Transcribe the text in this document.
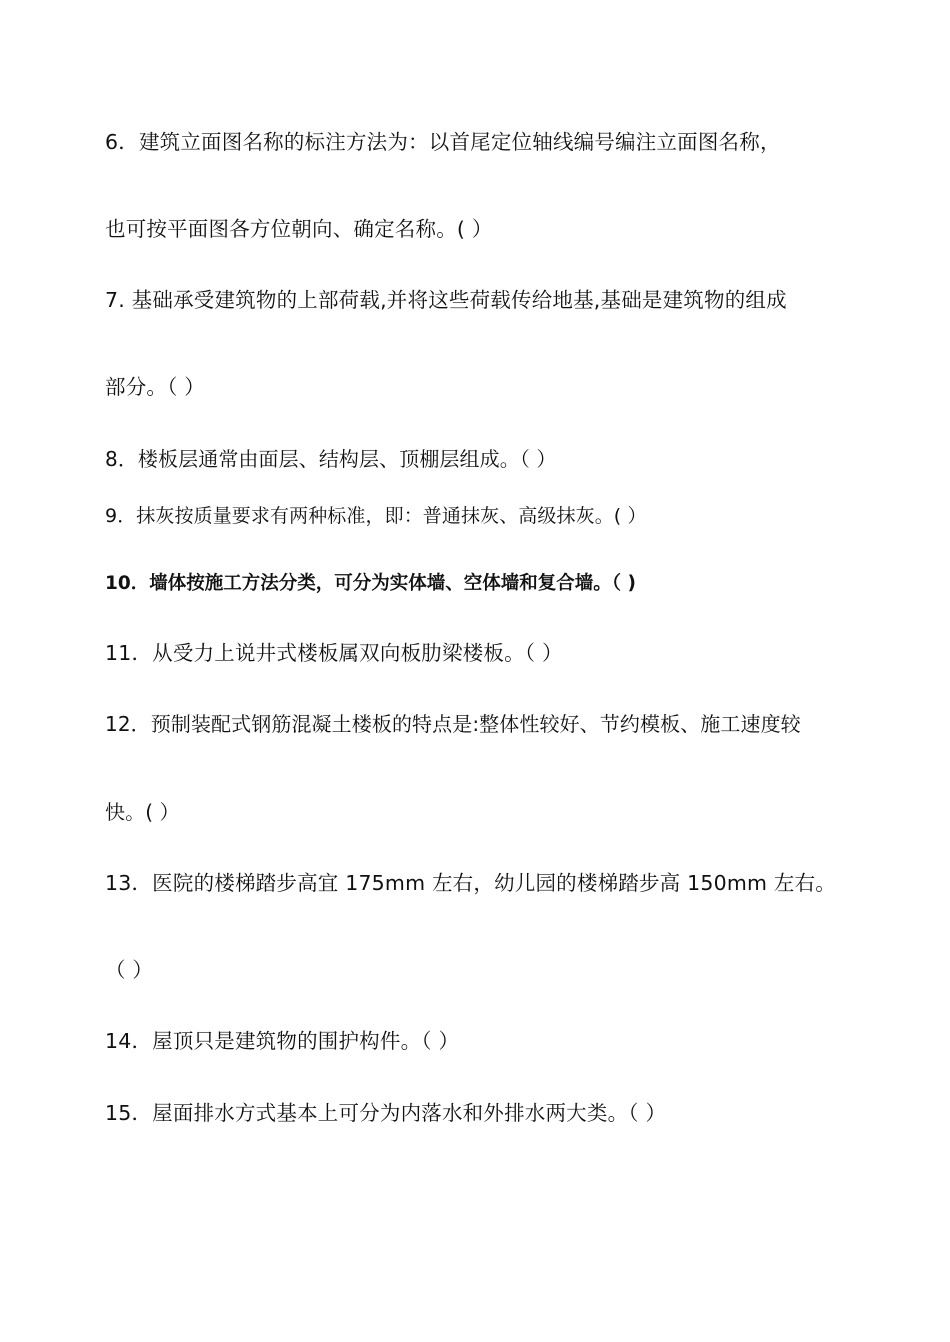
6．建筑立面图名称的标注方法为：以首尾定位轴线编号编注立面图名称，
也可按平面图各方位朝向、确定名称。( ）
7. 基础承受建筑物的上部荷载,并将这些荷载传给地基,基础是建筑物的组成
部分。（ ）
8．楼板层通常由面层、结构层、顶棚层组成。（ ）
9．抹灰按质量要求有两种标准，即：普通抹灰、高级抹灰。( ）
10．墙体按施工方法分类，可分为实体墙、空体墙和复合墙。（ )
11．从受力上说井式楼板属双向板肋梁楼板。（ ）
12．预制装配式钢筋混凝土楼板的特点是:整体性较好、节约模板、施工速度较
快。( ）
13．医院的楼梯踏步高宜 175mm 左右，幼儿园的楼梯踏步高 150mm 左右。
（ ）
14．屋顶只是建筑物的围护构件。（ ）
15．屋面排水方式基本上可分为内落水和外排水两大类。（ ）
